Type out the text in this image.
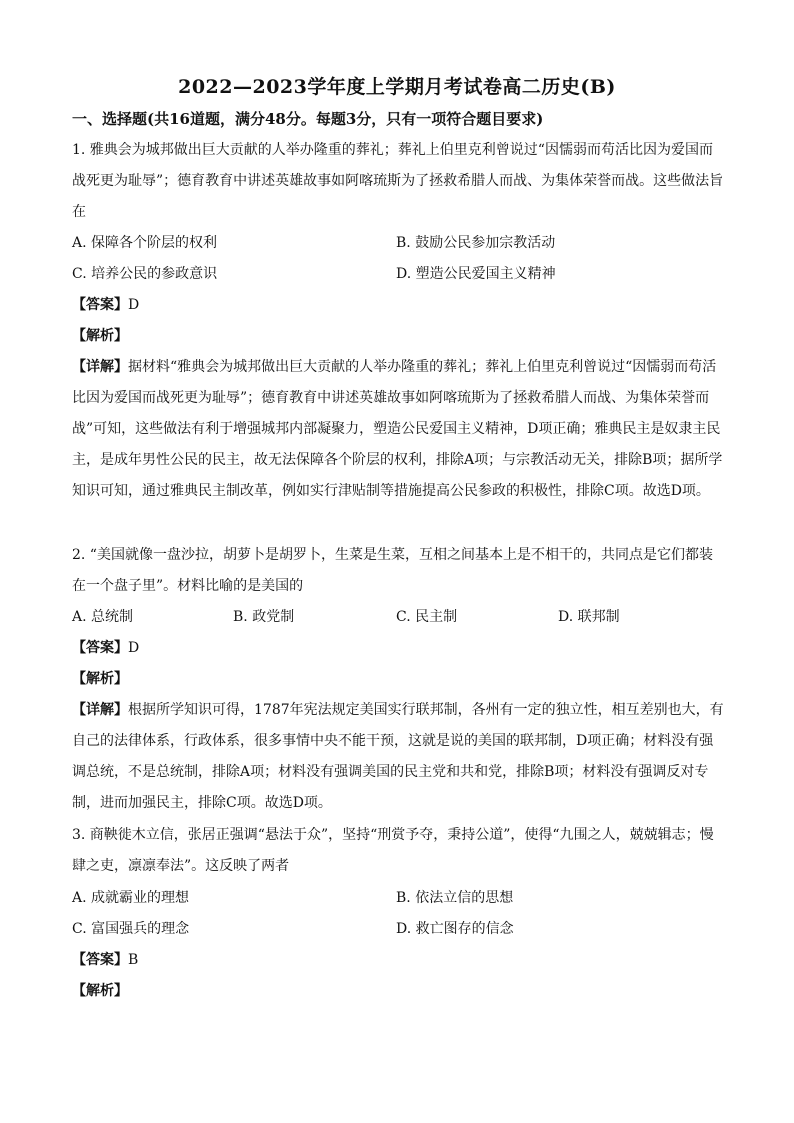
2022—2023学年度上学期月考试卷高二历史(B)
一、选择题(共16道题，满分48分。每题3分，只有一项符合题目要求)
1. 雅典会为城邦做出巨大贡献的人举办隆重的葬礼；葬礼上伯里克利曾说过“因懦弱而苟活比因为爱国而战死更为耻辱”；德育教育中讲述英雄故事如阿喀琉斯为了拯救希腊人而战、为集体荣誉而战。这些做法旨在
A. 保障各个阶层的权利	B. 鼓励公民参加宗教活动
C. 培养公民的参政意识	D. 塑造公民爱国主义精神
【答案】D
【解析】
【详解】据材料“雅典会为城邦做出巨大贡献的人举办隆重的葬礼；葬礼上伯里克利曾说过“因懦弱而苟活比因为爱国而战死更为耻辱”；德育教育中讲述英雄故事如阿喀琉斯为了拯救希腊人而战、为集体荣誉而战”可知，这些做法有利于增强城邦内部凝聚力，塑造公民爱国主义精神，D项正确；雅典民主是奴隶主民主，是成年男性公民的民主，故无法保障各个阶层的权利，排除A项；与宗教活动无关，排除B项；据所学知识可知，通过雅典民主制改革，例如实行津贴制等措施提高公民参政的积极性，排除C项。故选D项。
2. “美国就像一盘沙拉，胡萝卜是胡罗卜，生菜是生菜，互相之间基本上是不相干的，共同点是它们都装在一个盘子里”。材料比喻的是美国的
A. 总统制	B. 政党制	C. 民主制	D. 联邦制
【答案】D
【解析】
【详解】根据所学知识可得，1787年宪法规定美国实行联邦制，各州有一定的独立性，相互差别也大，有自己的法律体系，行政体系，很多事情中央不能干预，这就是说的美国的联邦制，D项正确；材料没有强调总统，不是总统制，排除A项；材料没有强调美国的民主党和共和党，排除B项；材料没有强调反对专制，进而加强民主，排除C项。故选D项。
3. 商鞅徙木立信，张居正强调“悬法于众”，坚持“刑赏予夺，秉持公道”，使得“九围之人，兢兢辑志；慢肆之吏，凛凛奉法”。这反映了两者
A. 成就霸业的理想	B. 依法立信的思想
C. 富国强兵的理念	D. 救亡图存的信念
【答案】B
【解析】
